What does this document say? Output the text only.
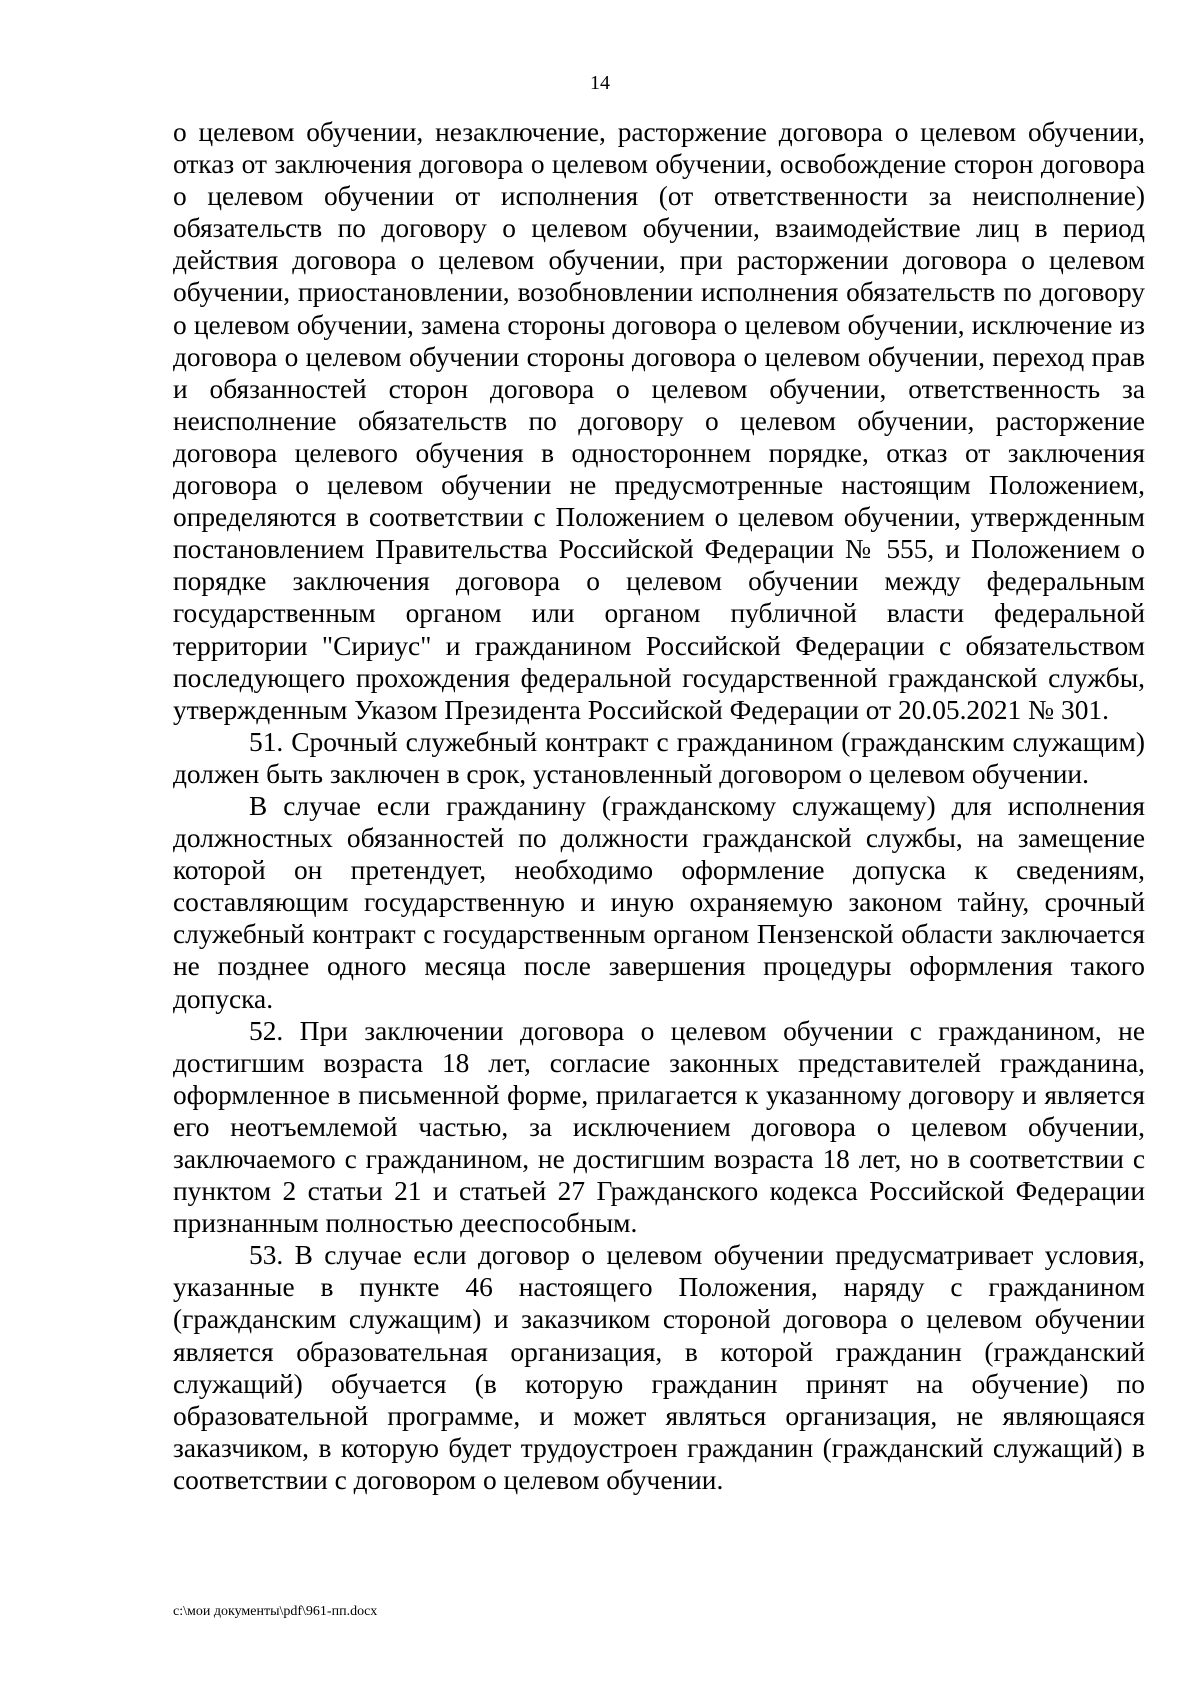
14

о целевом обучении, незаключение, расторжение договора о целевом обучении, отказ от заключения договора о целевом обучении, освобождение сторон договора о целевом обучении от исполнения (от ответственности за неисполнение) обязательств по договору о целевом обучении, взаимодействие лиц в период действия договора о целевом обучении, при расторжении договора о целевом обучении, приостановлении, возобновлении исполнения обязательств по договору о целевом обучении, замена стороны договора о целевом обучении, исключение из договора о целевом обучении стороны договора о целевом обучении, переход прав и обязанностей сторон договора о целевом обучении, ответственность за неисполнение обязательств по договору о целевом обучении, расторжение договора целевого обучения в одностороннем порядке, отказ от заключения договора о целевом обучении не предусмотренные настоящим Положением, определяются в соответствии с Положением о целевом обучении, утвержденным постановлением Правительства Российской Федерации № 555, и Положением о порядке заключения договора о целевом обучении между федеральным государственным органом или органом публичной власти федеральной территории "Сириус" и гражданином Российской Федерации с обязательством последующего прохождения федеральной государственной гражданской службы, утвержденным Указом Президента Российской Федерации от 20.05.2021 № 301.

51. Срочный служебный контракт с гражданином (гражданским служащим) должен быть заключен в срок, установленный договором о целевом обучении.

В случае если гражданину (гражданскому служащему) для исполнения должностных обязанностей по должности гражданской службы, на замещение которой он претендует, необходимо оформление допуска к сведениям, составляющим государственную и иную охраняемую законом тайну, срочный служебный контракт с государственным органом Пензенской области заключается не позднее одного месяца после завершения процедуры оформления такого допуска.

52. При заключении договора о целевом обучении с гражданином, не достигшим возраста 18 лет, согласие законных представителей гражданина, оформленное в письменной форме, прилагается к указанному договору и является его неотъемлемой частью, за исключением договора о целевом обучении, заключаемого с гражданином, не достигшим возраста 18 лет, но в соответствии с пунктом 2 статьи 21 и статьей 27 Гражданского кодекса Российской Федерации признанным полностью дееспособным.

53. В случае если договор о целевом обучении предусматривает условия, указанные в пункте 46 настоящего Положения, наряду с гражданином (гражданским служащим) и заказчиком стороной договора о целевом обучении является образовательная организация, в которой гражданин (гражданский служащий) обучается (в которую гражданин принят на обучение) по образовательной программе, и может являться организация, не являющаяся заказчиком, в которую будет трудоустроен гражданин (гражданский служащий) в соответствии с договором о целевом обучении.

c:\мои документы\pdf\961-пп.docx
